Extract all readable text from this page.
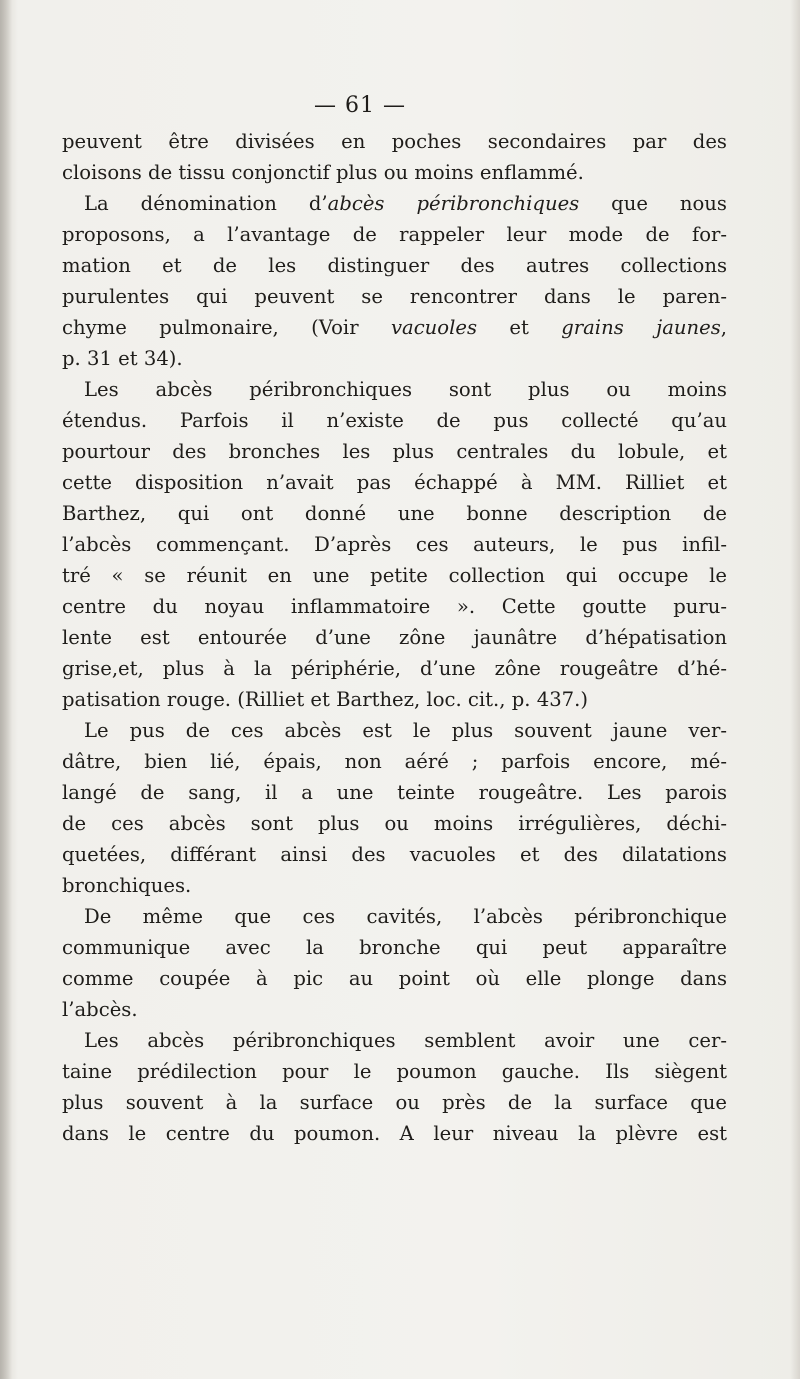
— 61 —
peuvent être divisées en poches secondaires par des
cloisons de tissu conjonctif plus ou moins enflammé.
La dénomination d’abcès péribronchiques que nous
proposons, a l’avantage de rappeler leur mode de for-
mation et de les distinguer des autres collections
purulentes qui peuvent se rencontrer dans le paren-
chyme pulmonaire, (Voir vacuoles et grains jaunes,
p. 31 et 34).
Les abcès péribronchiques sont plus ou moins
étendus. Parfois il n’existe de pus collecté qu’au
pourtour des bronches les plus centrales du lobule, et
cette disposition n’avait pas échappé à MM. Rilliet et
Barthez, qui ont donné une bonne description de
l’abcès commençant. D’après ces auteurs, le pus infil-
tré « se réunit en une petite collection qui occupe le
centre du noyau inflammatoire ». Cette goutte puru-
lente est entourée d’une zône jaunâtre d’hépatisation
grise,et, plus à la périphérie, d’une zône rougeâtre d’hé-
patisation rouge. (Rilliet et Barthez, loc. cit., p. 437.)
Le pus de ces abcès est le plus souvent jaune ver-
dâtre, bien lié, épais, non aéré ; parfois encore, mé-
langé de sang, il a une teinte rougeâtre. Les parois
de ces abcès sont plus ou moins irrégulières, déchi-
quetées, différant ainsi des vacuoles et des dilatations
bronchiques.
De même que ces cavités, l’abcès péribronchique
communique avec la bronche qui peut apparaître
comme coupée à pic au point où elle plonge dans
l’abcès.
Les abcès péribronchiques semblent avoir une cer-
taine prédilection pour le poumon gauche. Ils siègent
plus souvent à la surface ou près de la surface que
dans le centre du poumon. A leur niveau la plèvre est
